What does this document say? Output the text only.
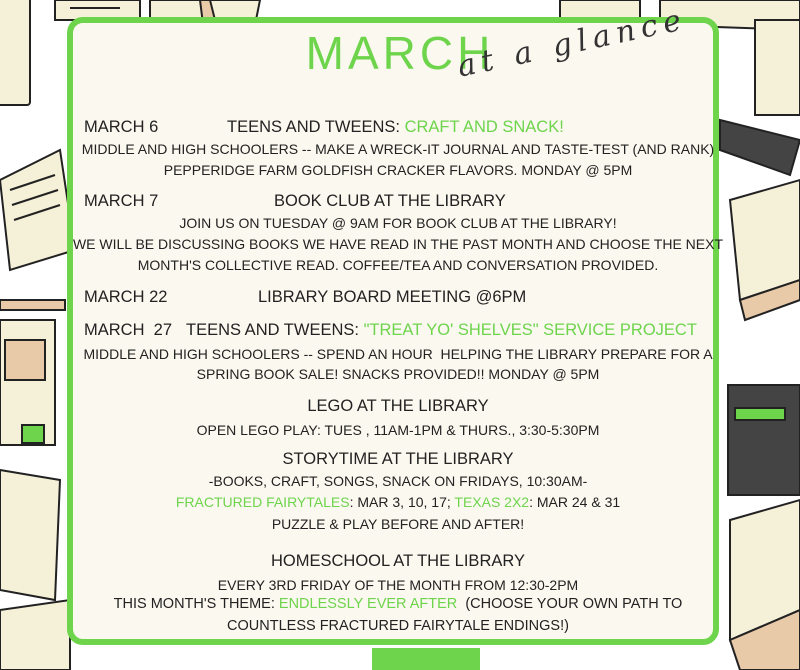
MARCH
at a glance
MARCH 6	TEENS AND TWEENS: CRAFT AND SNACK!
MIDDLE AND HIGH SCHOOLERS -- MAKE A WRECK-IT JOURNAL AND TASTE-TEST (AND RANK)
PEPPERIDGE FARM GOLDFISH CRACKER FLAVORS. MONDAY @ 5PM
MARCH 7	BOOK CLUB AT THE LIBRARY
JOIN US ON TUESDAY @ 9AM FOR BOOK CLUB AT THE LIBRARY!
WE WILL BE DISCUSSING BOOKS WE HAVE READ IN THE PAST MONTH AND CHOOSE THE NEXT
MONTH'S COLLECTIVE READ. COFFEE/TEA AND CONVERSATION PROVIDED.
MARCH 22	LIBRARY BOARD MEETING @6PM
MARCH  27 TEENS AND TWEENS: "TREAT YO' SHELVES" SERVICE PROJECT
MIDDLE AND HIGH SCHOOLERS -- SPEND AN HOUR  HELPING THE LIBRARY PREPARE FOR A
SPRING BOOK SALE! SNACKS PROVIDED!! MONDAY @ 5PM
LEGO AT THE LIBRARY
OPEN LEGO PLAY: TUES , 11AM-1PM & THURS., 3:30-5:30PM
STORYTIME AT THE LIBRARY
-BOOKS, CRAFT, SONGS, SNACK ON FRIDAYS, 10:30AM-
FRACTURED FAIRYTALES: MAR 3, 10, 17; TEXAS 2X2: MAR 24 & 31
PUZZLE & PLAY BEFORE AND AFTER!
HOMESCHOOL AT THE LIBRARY
EVERY 3RD FRIDAY OF THE MONTH FROM 12:30-2PM
THIS MONTH'S THEME: ENDLESSLY EVER AFTER  (CHOOSE YOUR OWN PATH TO
COUNTLESS FRACTURED FAIRYTALE ENDINGS!)
